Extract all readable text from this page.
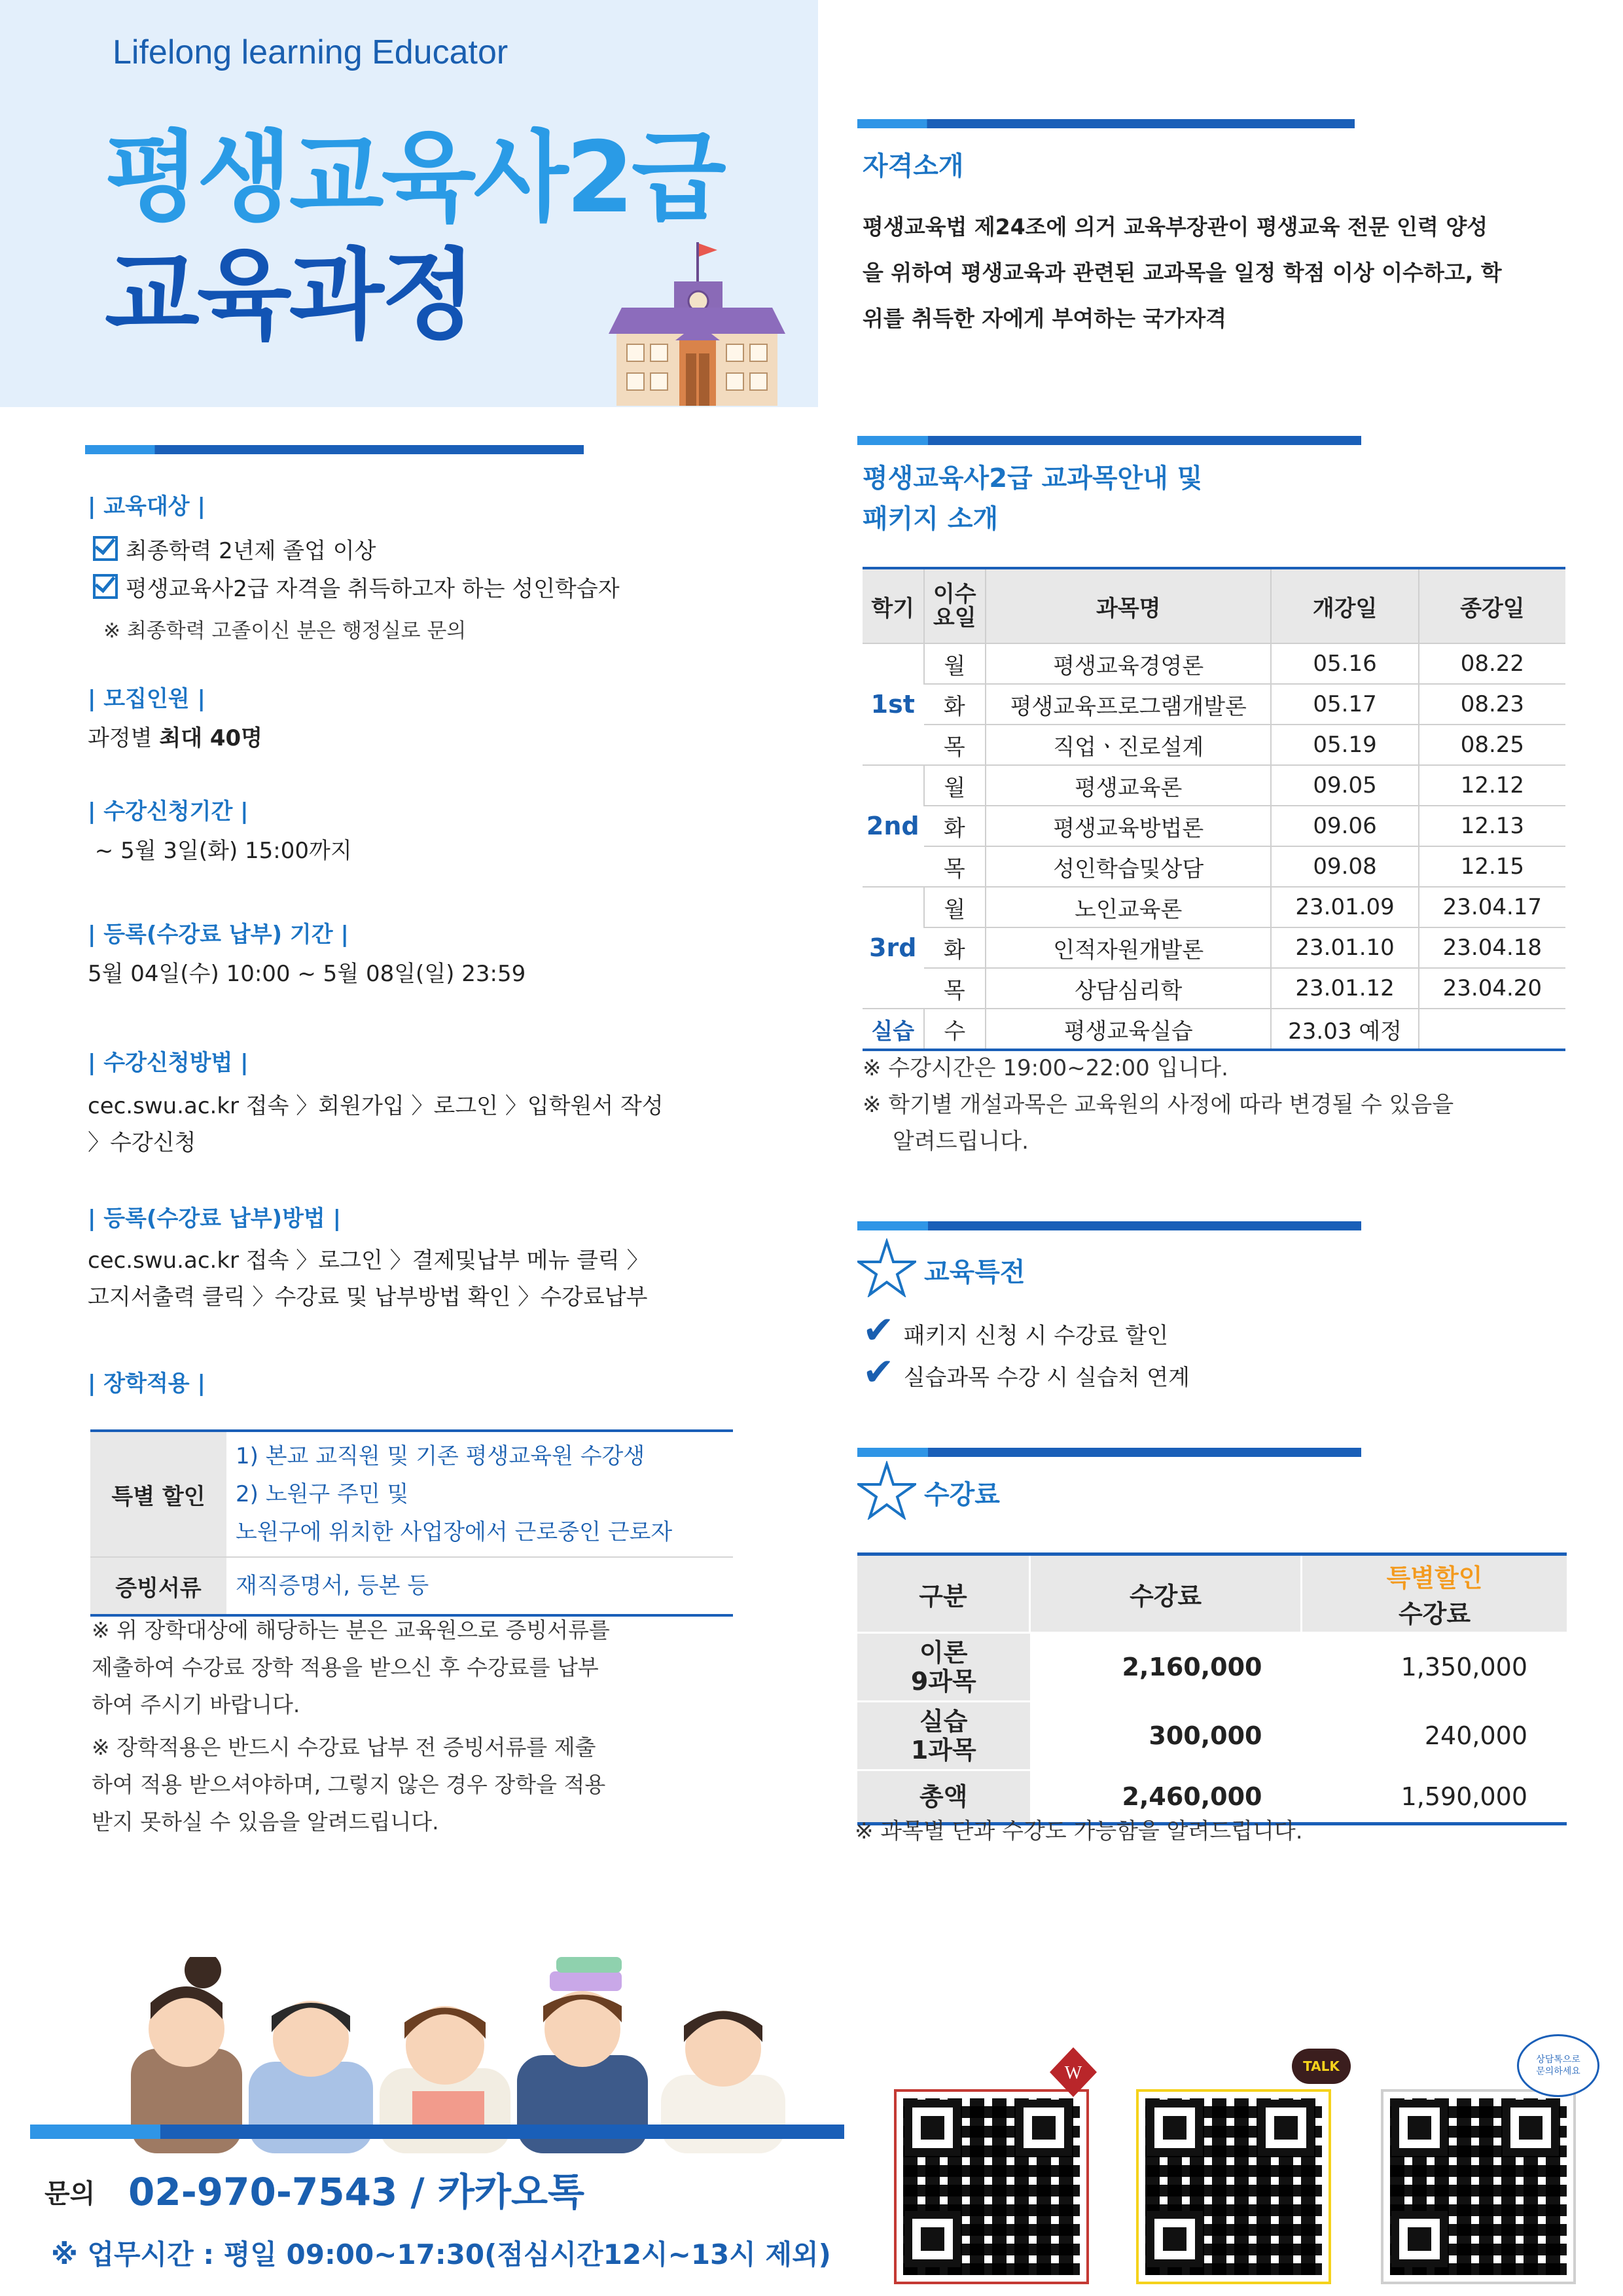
Lifelong learning Educator
평생교육사2급
교육과정
자격소개
평생교육법 제24조에 의거 교육부장관이 평생교육 전문 인력 양성
을 위하여 평생교육과 관련된 교과목을 일정 학점 이상 이수하고, 학
위를 취득한 자에게 부여하는 국가자격
| 교육대상 |
최종학력 2년제 졸업 이상
평생교육사2급 자격을 취득하고자 하는 성인학습자
※ 최종학력 고졸이신 분은 행정실로 문의
| 모집인원 |
과정별 최대 40명
| 수강신청기간 |
~ 5월 3일(화) 15:00까지
| 등록(수강료 납부) 기간 |
5월 04일(수) 10:00 ~ 5월 08일(일) 23:59
| 수강신청방법 |
cec.swu.ac.kr 접속 〉회원가입 〉로그인 〉입학원서 작성
〉수강신청
| 등록(수강료 납부)방법 |
cec.swu.ac.kr 접속 〉로그인 〉결제및납부 메뉴 클릭 〉
고지서출력 클릭 〉수강료 및 납부방법 확인 〉수강료납부
| 장학적용 |
특별 할인	1) 본교 교직원 및 기존 평생교육원 수강생
2) 노원구 주민 및
노원구에 위치한 사업장에서 근로중인 근로자

증빙서류	재직증명서, 등본 등
※ 위 장학대상에 해당하는 분은 교육원으로 증빙서류를
제출하여 수강료 장학 적용을 받으신 후 수강료를 납부
하여 주시기 바랍니다.
※ 장학적용은 반드시 수강료 납부 전 증빙서류를 제출
하여 적용 받으셔야하며, 그렇지 않은 경우 장학을 적용
받지 못하실 수 있음을 알려드립니다.
평생교육사2급 교과목안내 및
패키지 소개
학기	이수
요일	과목명	개강일	종강일
1st	월	평생교육경영론	05.16	08.22
	화	평생교육프로그램개발론	05.17	08.23
	목	직업ㆍ진로설계	05.19	08.25
2nd	월	평생교육론	09.05	12.12
	화	평생교육방법론	09.06	12.13
	목	성인학습및상담	09.08	12.15
3rd	월	노인교육론	23.01.09	23.04.17
	화	인적자원개발론	23.01.10	23.04.18
	목	상담심리학	23.01.12	23.04.20
실습	수	평생교육실습	23.03 예정	
※ 수강시간은 19:00~22:00 입니다.
※ 학기별 개설과목은 교육원의 사정에 따라 변경될 수 있음을
알려드립니다.
교육특전
✔ 패키지 신청 시 수강료 할인
✔ 실습과목 수강 시 실습처 연계
수강료
구분	수강료	특별할인
수강료

이론
9과목	2,160,000	1,350,000

실습
1과목	300,000	240,000

총액	2,460,000	1,590,000
※ 과목별 단과 수강도 가능함을 알려드립니다.
문의 02-970-7543 / 카카오톡
※ 업무시간 : 평일 09:00~17:30(점심시간12시~13시 제외)
W	TALK	상담톡으로
문의하세요
